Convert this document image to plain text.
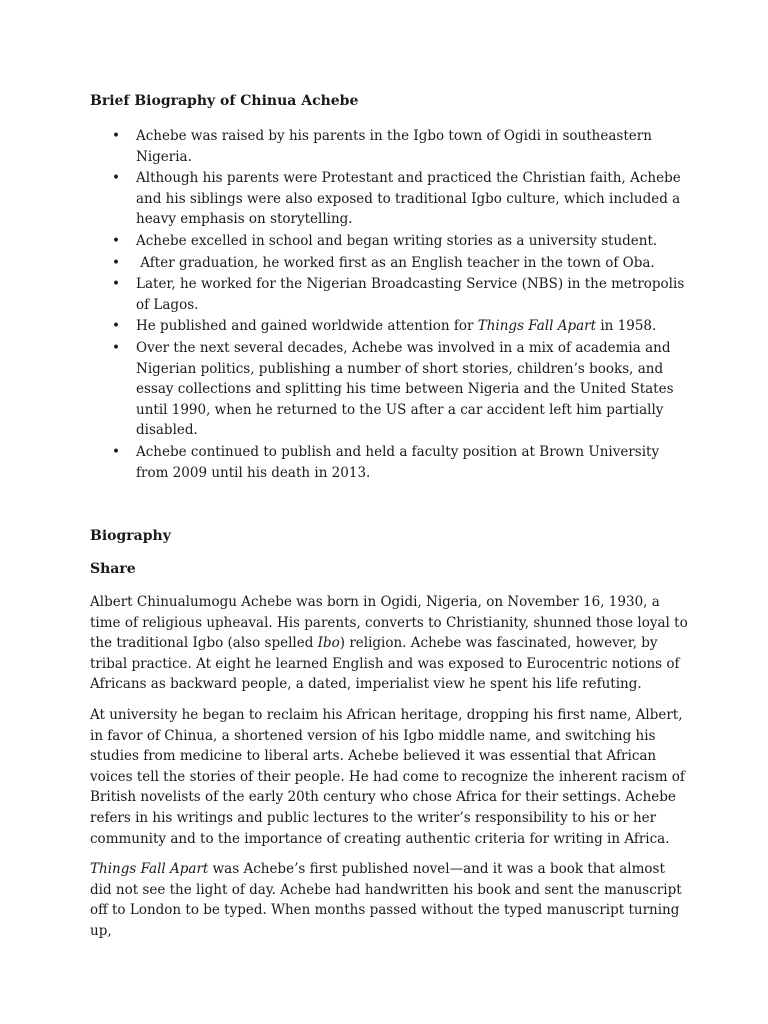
Brief Biography of Chinua Achebe
• Achebe was raised by his parents in the Igbo town of Ogidi in southeastern Nigeria.
• Although his parents were Protestant and practiced the Christian faith, Achebe and his siblings were also exposed to traditional Igbo culture, which included a heavy emphasis on storytelling.
• Achebe excelled in school and began writing stories as a university student.
•  After graduation, he worked first as an English teacher in the town of Oba.
• Later, he worked for the Nigerian Broadcasting Service (NBS) in the metropolis of Lagos.
• He published and gained worldwide attention for Things Fall Apart in 1958.
• Over the next several decades, Achebe was involved in a mix of academia and Nigerian politics, publishing a number of short stories, children’s books, and essay collections and splitting his time between Nigeria and the United States until 1990, when he returned to the US after a car accident left him partially disabled.
• Achebe continued to publish and held a faculty position at Brown University from 2009 until his death in 2013.
Biography
Share

Albert Chinualumogu Achebe was born in Ogidi, Nigeria, on November 16, 1930, a time of religious upheaval. His parents, converts to Christianity, shunned those loyal to the traditional Igbo (also spelled Ibo) religion. Achebe was fascinated, however, by tribal practice. At eight he learned English and was exposed to Eurocentric notions of Africans as backward people, a dated, imperialist view he spent his life refuting.

At university he began to reclaim his African heritage, dropping his first name, Albert, in favor of Chinua, a shortened version of his Igbo middle name, and switching his studies from medicine to liberal arts. Achebe believed it was essential that African voices tell the stories of their people. He had come to recognize the inherent racism of British novelists of the early 20th century who chose Africa for their settings. Achebe refers in his writings and public lectures to the writer’s responsibility to his or her community and to the importance of creating authentic criteria for writing in Africa.

Things Fall Apart was Achebe’s first published novel—and it was a book that almost did not see the light of day. Achebe had handwritten his book and sent the manuscript off to London to be typed. When months passed without the typed manuscript turning up,
